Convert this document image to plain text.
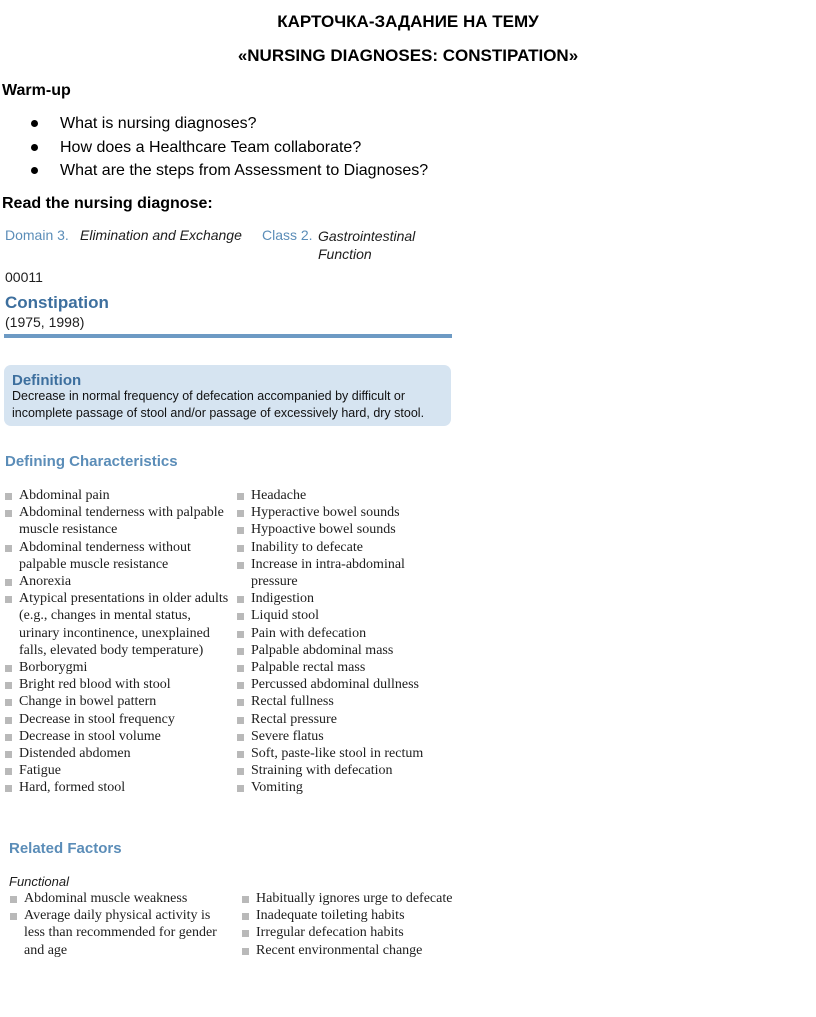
КАРТОЧКА-ЗАДАНИЕ НА ТЕМУ
«NURSING DIAGNOSES: CONSTIPATION»
Warm-up
What is nursing diagnoses?
How does a Healthcare Team collaborate?
What are the steps from Assessment to Diagnoses?
Read the nursing diagnose:
Domain 3. Elimination and Exchange Class 2. Gastrointestinal Function
00011
Constipation
(1975, 1998)
Definition
Decrease in normal frequency of defecation accompanied by difficult or incomplete passage of stool and/or passage of excessively hard, dry stool.
Defining Characteristics
Abdominal pain
Abdominal tenderness with palpable muscle resistance
Abdominal tenderness without palpable muscle resistance
Anorexia
Atypical presentations in older adults (e.g., changes in mental status, urinary incontinence, unexplained falls, elevated body temperature)
Borborygmi
Bright red blood with stool
Change in bowel pattern
Decrease in stool frequency
Decrease in stool volume
Distended abdomen
Fatigue
Hard, formed stool
Headache
Hyperactive bowel sounds
Hypoactive bowel sounds
Inability to defecate
Increase in intra-abdominal pressure
Indigestion
Liquid stool
Pain with defecation
Palpable abdominal mass
Palpable rectal mass
Percussed abdominal dullness
Rectal fullness
Rectal pressure
Severe flatus
Soft, paste-like stool in rectum
Straining with defecation
Vomiting
Related Factors
Functional
Abdominal muscle weakness
Average daily physical activity is less than recommended for gender and age
Habitually ignores urge to defecate
Inadequate toileting habits
Irregular defecation habits
Recent environmental change
